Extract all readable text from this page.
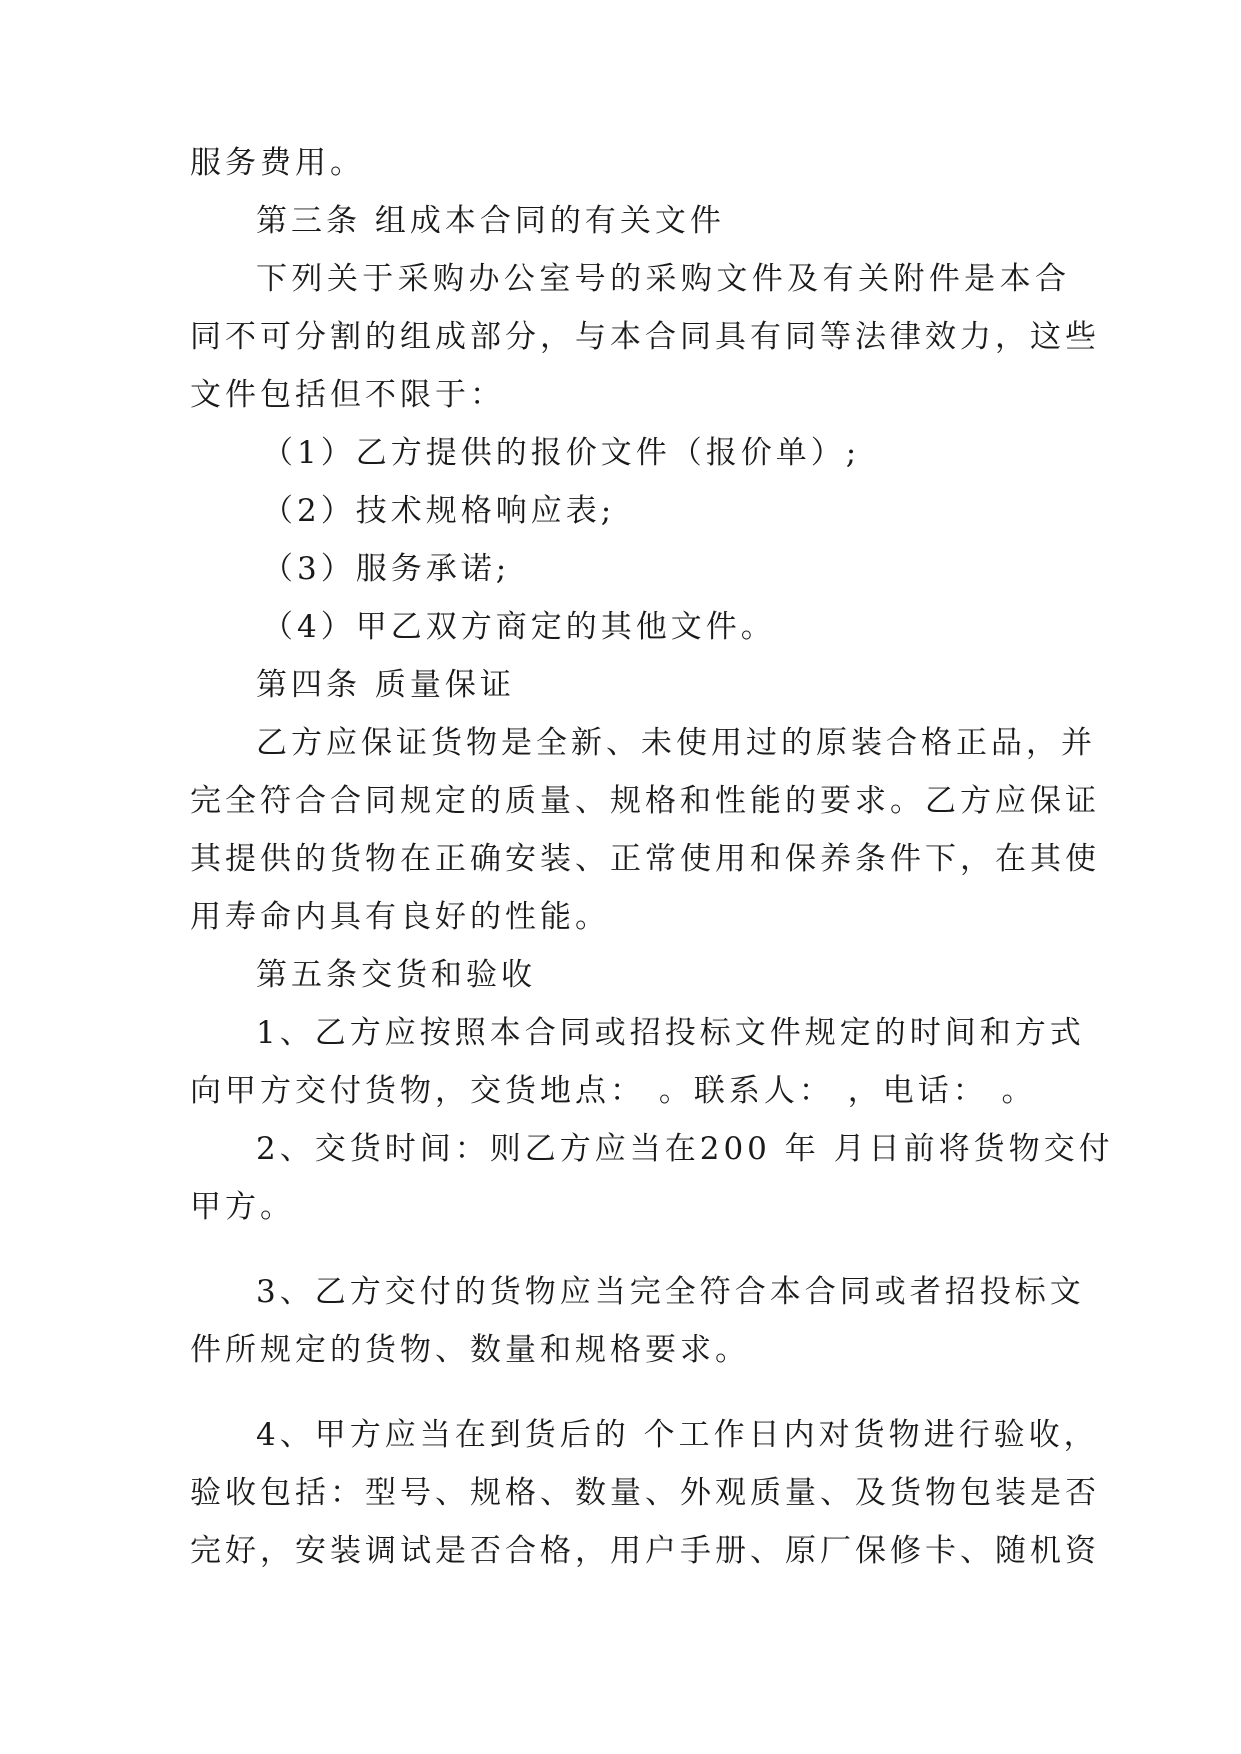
服务费用。
第三条 组成本合同的有关文件
下列关于采购办公室号的采购文件及有关附件是本合
同不可分割的组成部分，与本合同具有同等法律效力，这些
文件包括但不限于：
（1）乙方提供的报价文件（报价单）;
（2）技术规格响应表;
（3）服务承诺;
（4）甲乙双方商定的其他文件。
第四条 质量保证
乙方应保证货物是全新、未使用过的原装合格正品，并
完全符合合同规定的质量、规格和性能的要求。乙方应保证
其提供的货物在正确安装、正常使用和保养条件下，在其使
用寿命内具有良好的性能。
第五条交货和验收
1、乙方应按照本合同或招投标文件规定的时间和方式
向甲方交付货物，交货地点： 。联系人： ，电话： 。
2、交货时间：则乙方应当在200 年 月日前将货物交付
甲方。
3、乙方交付的货物应当完全符合本合同或者招投标文
件所规定的货物、数量和规格要求。
4、甲方应当在到货后的 个工作日内对货物进行验收，
验收包括：型号、规格、数量、外观质量、及货物包装是否
完好，安装调试是否合格，用户手册、原厂保修卡、随机资
